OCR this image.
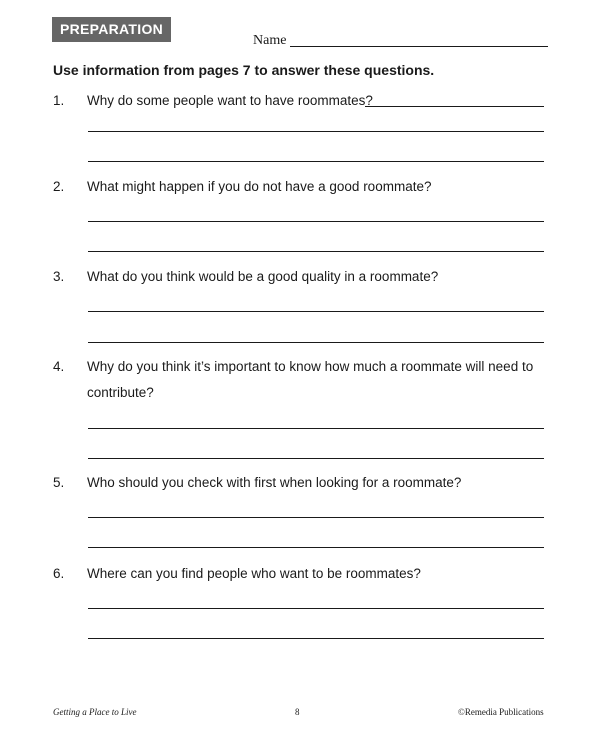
PREPARATION
Name
Use information from pages 7 to answer these questions.
1. Why do some people want to have roommates?
2. What might happen if you do not have a good roommate?
3. What do you think would be a good quality in a roommate?
4. Why do you think it’s important to know how much a roommate will need to
contribute?
5. Who should you check with first when looking for a roommate?
6. Where can you find people who want to be roommates?
Getting a Place to Live	8	©Remedia Publications
